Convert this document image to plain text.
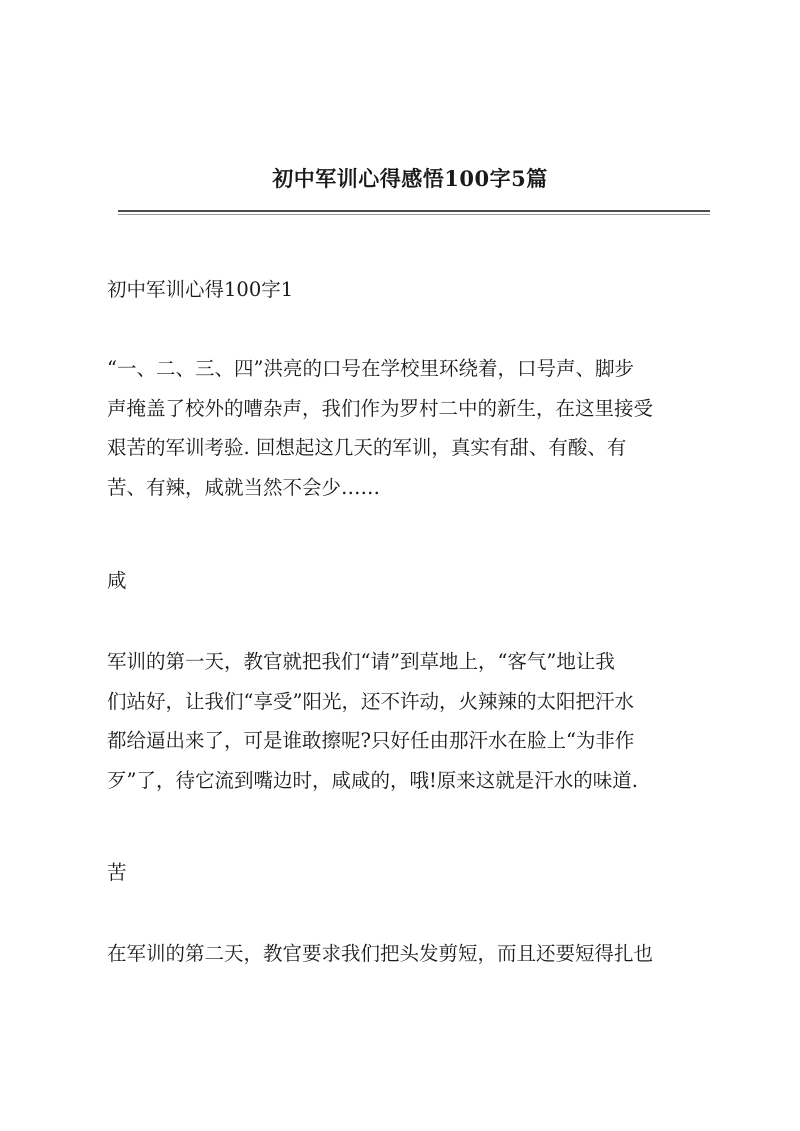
初中军训心得感悟100字5篇
初中军训心得100字1
“一、二、三、四”洪亮的口号在学校里环绕着，口号声、脚步
声掩盖了校外的嘈杂声，我们作为罗村二中的新生，在这里接受
艰苦的军训考验. 回想起这几天的军训，真实有甜、有酸、有
苦、有辣，咸就当然不会少……
咸
军训的第一天，教官就把我们“请”到草地上，“客气”地让我
们站好，让我们“享受”阳光，还不许动，火辣辣的太阳把汗水
都给逼出来了，可是谁敢擦呢?只好任由那汗水在脸上“为非作
歹”了，待它流到嘴边时，咸咸的，哦!原来这就是汗水的味道.
苦
在军训的第二天，教官要求我们把头发剪短，而且还要短得扎也
